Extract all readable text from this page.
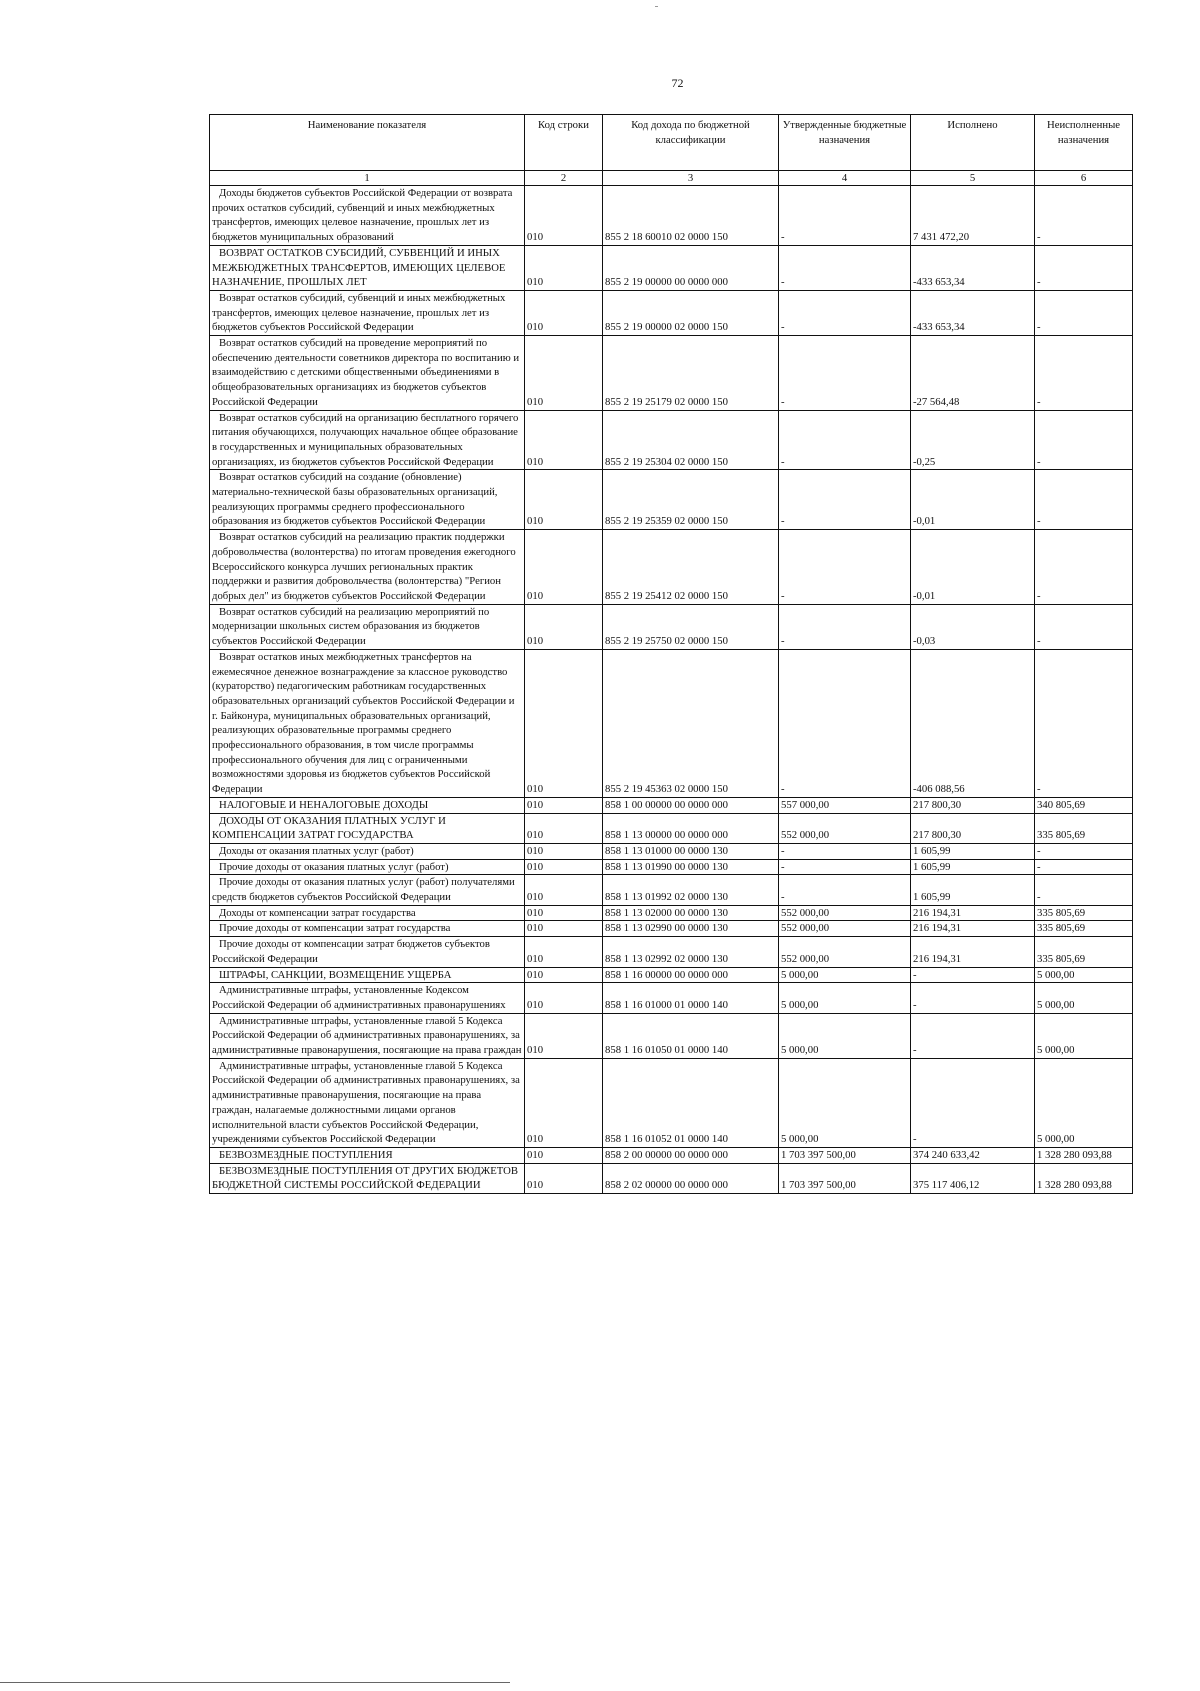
72
Наименование показателя	Код строки	Код дохода по бюджетной классификации	Утвержденные бюджетные назначения	Исполнено	Неисполненные назначения
1	2	3	4	5	6

Доходы бюджетов субъектов Российской Федерации от возврата прочих остатков субсидий, субвенций и иных межбюджетных трансфертов, имеющих целевое назначение, прошлых лет из бюджетов муниципальных образований	010	855 2 18 60010 02 0000 150	-	7 431 472,20	-

ВОЗВРАТ ОСТАТКОВ СУБСИДИЙ, СУБВЕНЦИЙ И ИНЫХ МЕЖБЮДЖЕТНЫХ ТРАНСФЕРТОВ, ИМЕЮЩИХ ЦЕЛЕВОЕ НАЗНАЧЕНИЕ, ПРОШЛЫХ ЛЕТ	010	855 2 19 00000 00 0000 000	-	-433 653,34	-

Возврат остатков субсидий, субвенций и иных межбюджетных трансфертов, имеющих целевое назначение, прошлых лет из бюджетов субъектов Российской Федерации	010	855 2 19 00000 02 0000 150	-	-433 653,34	-

Возврат остатков субсидий на проведение мероприятий по обеспечению деятельности советников директора по воспитанию и взаимодействию с детскими общественными объединениями в общеобразовательных организациях из бюджетов субъектов Российской Федерации	010	855 2 19 25179 02 0000 150	-	-27 564,48	-

Возврат остатков субсидий на организацию бесплатного горячего питания обучающихся, получающих начальное общее образование в государственных и муниципальных образовательных организациях, из бюджетов субъектов Российской Федерации	010	855 2 19 25304 02 0000 150	-	-0,25	-

Возврат остатков субсидий на создание (обновление) материально-технической базы образовательных организаций, реализующих программы среднего профессионального образования из бюджетов субъектов Российской Федерации	010	855 2 19 25359 02 0000 150	-	-0,01	-

Возврат остатков субсидий на реализацию практик поддержки добровольчества (волонтерства) по итогам проведения ежегодного Всероссийского конкурса лучших региональных практик поддержки и развития добровольчества (волонтерства) "Регион добрых дел" из бюджетов субъектов Российской Федерации	010	855 2 19 25412 02 0000 150	-	-0,01	-

Возврат остатков субсидий на реализацию мероприятий по модернизации школьных систем образования из бюджетов субъектов Российской Федерации	010	855 2 19 25750 02 0000 150	-	-0,03	-

Возврат остатков иных межбюджетных трансфертов на ежемесячное денежное вознаграждение за классное руководство (кураторство) педагогическим работникам государственных образовательных организаций субъектов Российской Федерации и г. Байконура, муниципальных образовательных организаций, реализующих образовательные программы среднего профессионального образования, в том числе программы профессионального обучения для лиц с ограниченными возможностями здоровья из бюджетов субъектов Российской Федерации	010	855 2 19 45363 02 0000 150	-	-406 088,56	-

НАЛОГОВЫЕ И НЕНАЛОГОВЫЕ ДОХОДЫ	010	858 1 00 00000 00 0000 000	557 000,00	217 800,30	340 805,69

ДОХОДЫ ОТ ОКАЗАНИЯ ПЛАТНЫХ УСЛУГ И КОМПЕНСАЦИИ ЗАТРАТ ГОСУДАРСТВА	010	858 1 13 00000 00 0000 000	552 000,00	217 800,30	335 805,69

Доходы от оказания платных услуг (работ)	010	858 1 13 01000 00 0000 130	-	1 605,99	-

Прочие доходы от оказания платных услуг (работ)	010	858 1 13 01990 00 0000 130	-	1 605,99	-

Прочие доходы от оказания платных услуг (работ) получателями средств бюджетов субъектов Российской Федерации	010	858 1 13 01992 02 0000 130	-	1 605,99	-

Доходы от компенсации затрат государства	010	858 1 13 02000 00 0000 130	552 000,00	216 194,31	335 805,69

Прочие доходы от компенсации затрат государства	010	858 1 13 02990 00 0000 130	552 000,00	216 194,31	335 805,69

Прочие доходы от компенсации затрат бюджетов субъектов Российской Федерации	010	858 1 13 02992 02 0000 130	552 000,00	216 194,31	335 805,69

ШТРАФЫ, САНКЦИИ, ВОЗМЕЩЕНИЕ УЩЕРБА	010	858 1 16 00000 00 0000 000	5 000,00	-	5 000,00

Административные штрафы, установленные Кодексом Российской Федерации об административных правонарушениях	010	858 1 16 01000 01 0000 140	5 000,00	-	5 000,00

Административные штрафы, установленные главой 5 Кодекса Российской Федерации об административных правонарушениях, за административные правонарушения, посягающие на права граждан	010	858 1 16 01050 01 0000 140	5 000,00	-	5 000,00

Административные штрафы, установленные главой 5 Кодекса Российской Федерации об административных правонарушениях, за административные правонарушения, посягающие на права граждан, налагаемые должностными лицами органов исполнительной власти субъектов Российской Федерации, учреждениями субъектов Российской Федерации	010	858 1 16 01052 01 0000 140	5 000,00	-	5 000,00

БЕЗВОЗМЕЗДНЫЕ ПОСТУПЛЕНИЯ	010	858 2 00 00000 00 0000 000	1 703 397 500,00	374 240 633,42	1 328 280 093,88

БЕЗВОЗМЕЗДНЫЕ ПОСТУПЛЕНИЯ ОТ ДРУГИХ БЮДЖЕТОВ БЮДЖЕТНОЙ СИСТЕМЫ РОССИЙСКОЙ ФЕДЕРАЦИИ	010	858 2 02 00000 00 0000 000	1 703 397 500,00	375 117 406,12	1 328 280 093,88
